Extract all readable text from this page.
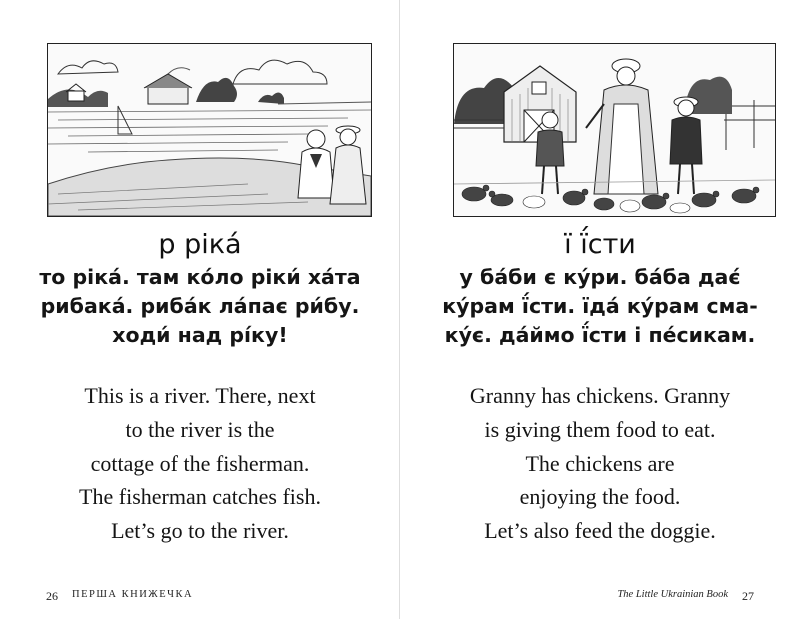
р ріка́
то ріка́. там ко́ло ріки́ ха́та
рибака́. риба́к ла́пає ри́бу.
ходи́ над рі́ку!
This is a river. There, next
to the river is the
cottage of the fisherman.
The fisherman catches fish.
Let’s go to the river.
26 ПЕРША КНИЖЕЧКА
ї ї́сти
у ба́би є ку́ри. ба́ба дає́
ку́рам ї́сти. їда́ ку́рам сма-
ку́є. да́ймо ї́сти і пе́сикам.
Granny has chickens. Granny
is giving them food to eat.
The chickens are
enjoying the food.
Let’s also feed the doggie.
The Little Ukrainian Book 27
